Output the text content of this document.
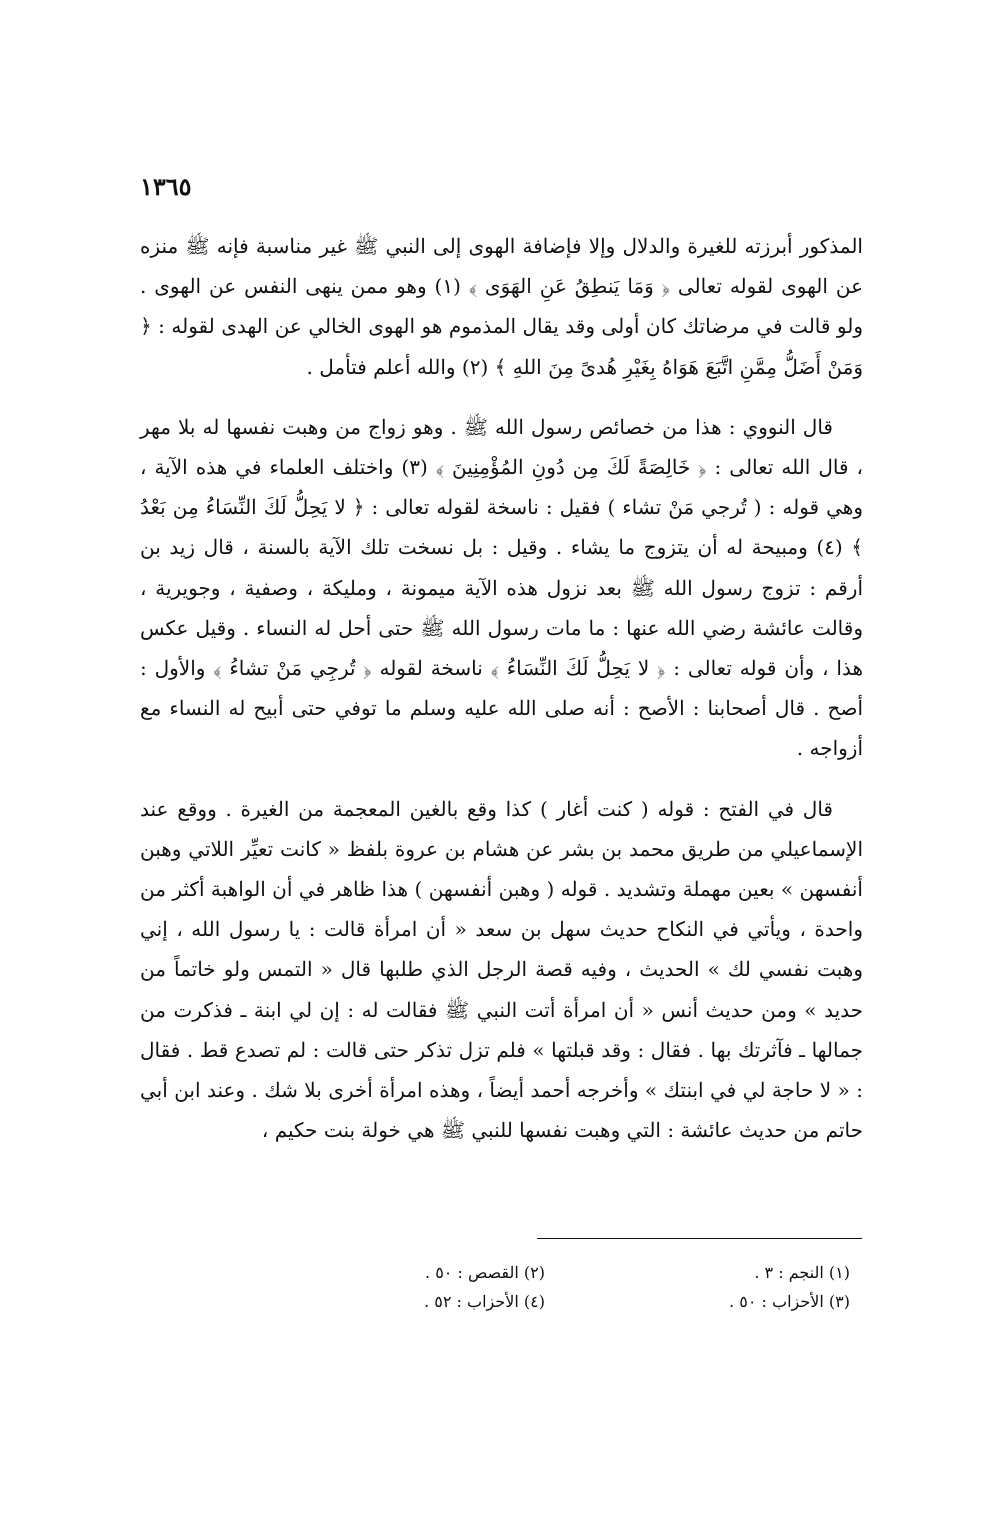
١٣٦٥

المذكور أبرزته للغيرة والدلال وإلا فإضافة الهوى إلى النبي ﷺ غير مناسبة فإنه ﷺ منزه عن الهوى لقوله تعالى ﴿ وَمَا يَنطِقُ عَنِ الهَوَى ﴾ (١) وهو ممن ينهى النفس عن الهوى . ولو قالت في مرضاتك كان أولى وقد يقال المذموم هو الهوى الخالي عن الهدى لقوله : ﴿ وَمَنْ أَضَلُّ مِمَّنِ اتَّبَعَ هَوَاهُ بِغَيْرِ هُدىً مِنَ اللهِ ﴾ (٢) والله أعلم فتأمل .

قال النووي : هذا من خصائص رسول الله ﷺ . وهو زواج من وهبت نفسها له بلا مهر ، قال الله تعالى : ﴿ خَالِصَةً لَكَ مِن دُونِ المُؤْمِنِينَ ﴾ (٣) واختلف العلماء في هذه الآية ، وهي قوله : ( تُرجي مَنْ تشاء ) فقيل : ناسخة لقوله تعالى : ﴿ لا يَحِلُّ لَكَ النِّسَاءُ مِن بَعْدُ ﴾ (٤) ومبيحة له أن يتزوج ما يشاء . وقيل : بل نسخت تلك الآية بالسنة ، قال زيد بن أرقم : تزوج رسول الله ﷺ بعد نزول هذه الآية ميمونة ، ومليكة ، وصفية ، وجويرية ، وقالت عائشة رضي الله عنها : ما مات رسول الله ﷺ حتى أحل له النساء . وقيل عكس هذا ، وأن قوله تعالى : ﴿ لا يَحِلُّ لَكَ النِّسَاءُ ﴾ ناسخة لقوله ﴿ تُرجِي مَنْ تشاءُ ﴾ والأول : أصح . قال أصحابنا : الأصح : أنه صلى الله عليه وسلم ما توفي حتى أبيح له النساء مع أزواجه .

قال في الفتح : قوله ( كنت أغار ) كذا وقع بالغين المعجمة من الغيرة . ووقع عند الإسماعيلي من طريق محمد بن بشر عن هشام بن عروة بلفظ « كانت تعيِّر اللاتي وهبن أنفسهن » بعين مهملة وتشديد . قوله ( وهبن أنفسهن ) هذا ظاهر في أن الواهبة أكثر من واحدة ، ويأتي في النكاح حديث سهل بن سعد « أن امرأة قالت : يا رسول الله ، إني وهبت نفسي لك » الحديث ، وفيه قصة الرجل الذي طلبها قال « التمس ولو خاتماً من حديد » ومن حديث أنس « أن امرأة أتت النبي ﷺ فقالت له : إن لي ابنة ـ فذكرت من جمالها ـ فآثرتك بها . فقال : وقد قبلتها » فلم تزل تذكر حتى قالت : لم تصدع قط . فقال : « لا حاجة لي في ابنتك » وأخرجه أحمد أيضاً ، وهذه امرأة أخرى بلا شك . وعند ابن أبي حاتم من حديث عائشة : التي وهبت نفسها للنبي ﷺ هي خولة بنت حكيم ،

(١) النجم : ٣ .
(٢) القصص : ٥٠ .
(٣) الأحزاب : ٥٠ .
(٤) الأحزاب : ٥٢ .
